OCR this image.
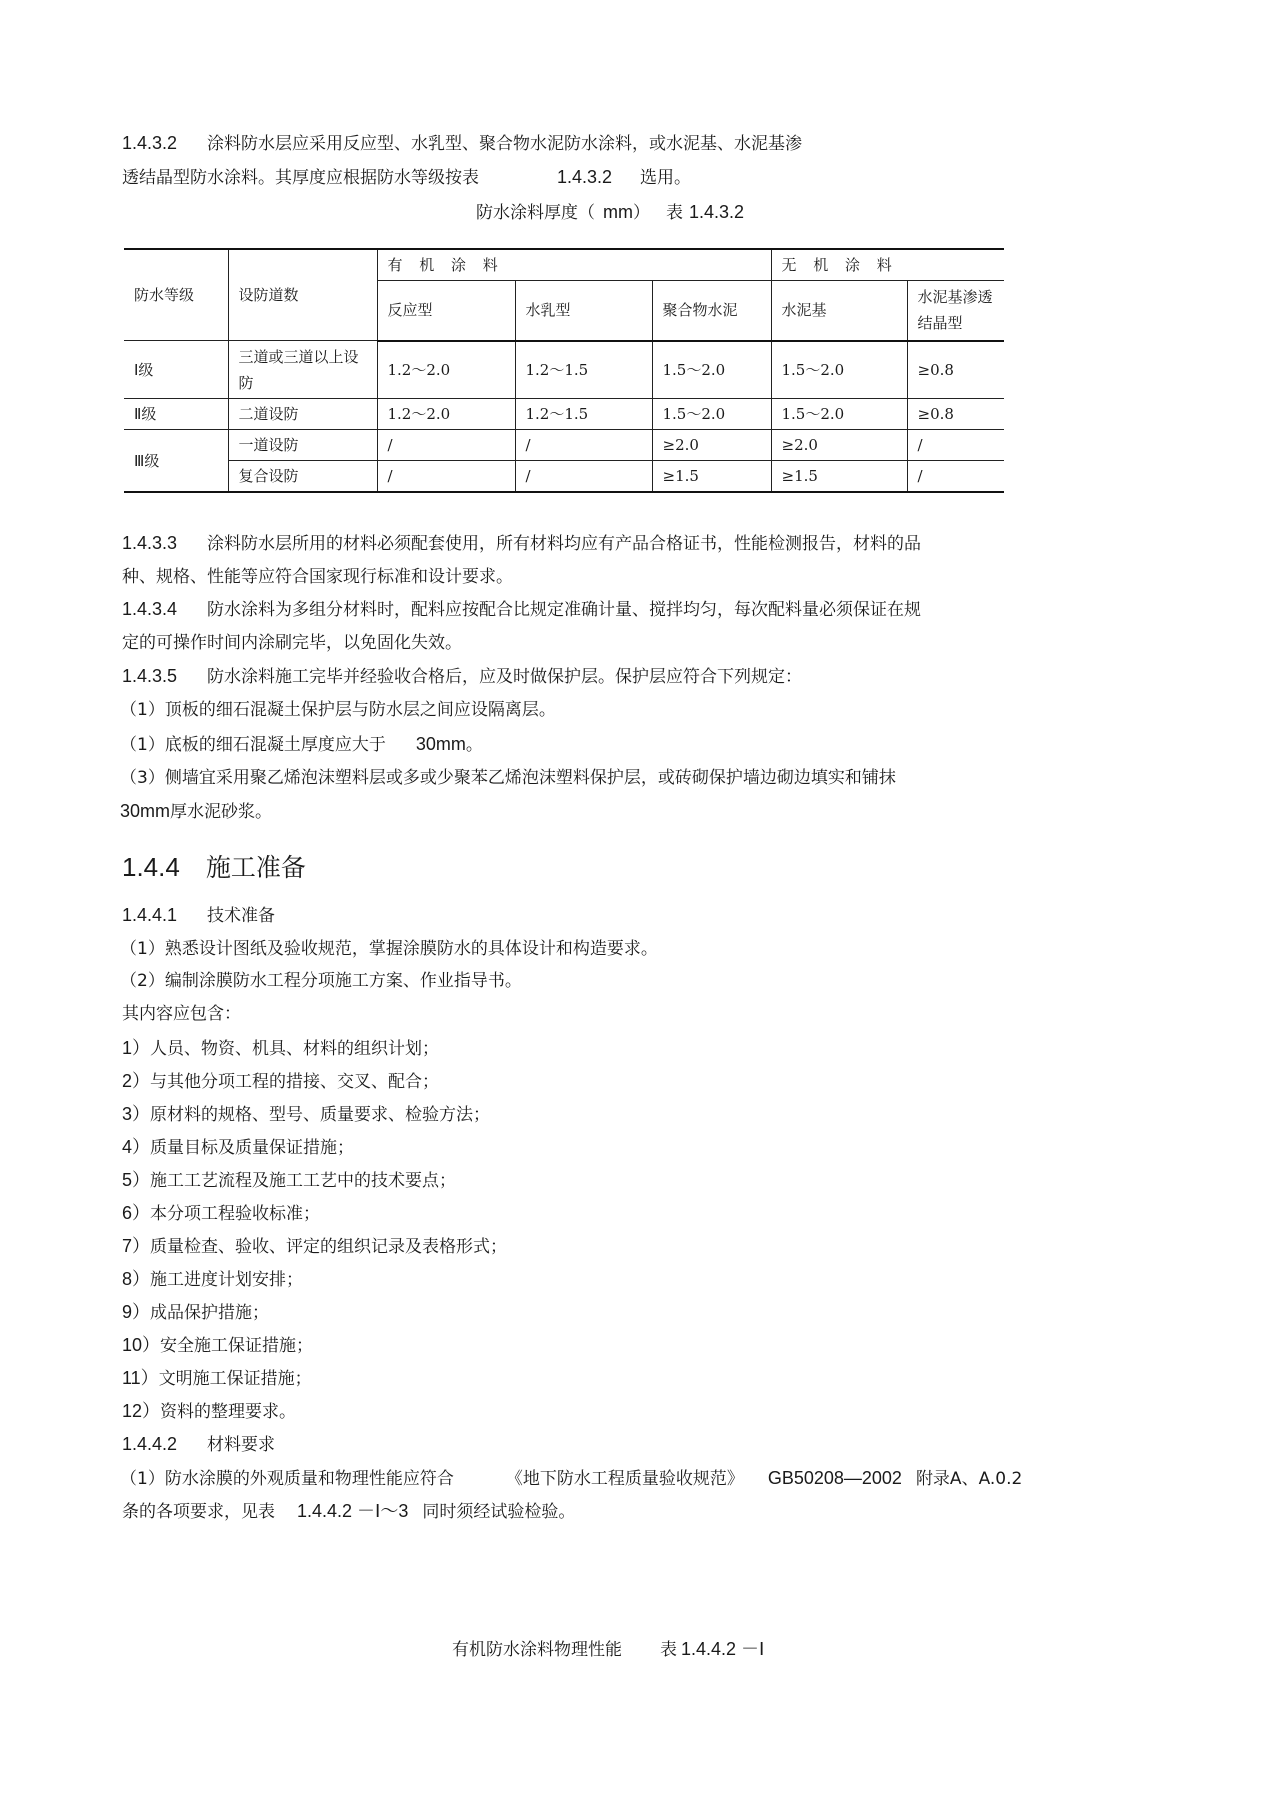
1.4.3.2 涂料防水层应采用反应型、水乳型、聚合物水泥防水涂料，或水泥基、水泥基渗
透结晶型防水涂料。其厚度应根据防水等级按表	1.4.3.2 选用。
防水涂料厚度（ mm） 表 1.4.3.2
防水等级	设防道数	有 机 涂 料			无 机 涂 料	
		反应型	水乳型	聚合物水泥	水泥基	水泥基渗透结晶型
Ⅰ级	三道或三道以上设防	1.2～2.0	1.2～1.5	1.5～2.0	1.5～2.0	≥0.8
Ⅱ级	二道设防	1.2～2.0	1.2～1.5	1.5～2.0	1.5～2.0	≥0.8
Ⅲ级	一道设防	/	/	≥2.0	≥2.0	/
	复合设防	/	/	≥1.5	≥1.5	/
1.4.3.3 涂料防水层所用的材料必须配套使用，所有材料均应有产品合格证书，性能检测报告，材料的品
种、规格、性能等应符合国家现行标准和设计要求。
1.4.3.4 防水涂料为多组分材料时，配料应按配合比规定准确计量、搅拌均匀，每次配料量必须保证在规
定的可操作时间内涂刷完毕，以免固化失效。
1.4.3.5 防水涂料施工完毕并经验收合格后，应及时做保护层。保护层应符合下列规定：
（1）顶板的细石混凝土保护层与防水层之间应设隔离层。
（1）底板的细石混凝土厚度应大于 30mm。
（3）侧墙宜采用聚乙烯泡沫塑料层或多或少聚苯乙烯泡沫塑料保护层，或砖砌保护墙边砌边填实和铺抹
30mm厚水泥砂浆。
1.4.4 施工准备
1.4.4.1 技术准备
（1）熟悉设计图纸及验收规范，掌握涂膜防水的具体设计和构造要求。
（2）编制涂膜防水工程分项施工方案、作业指导书。
其内容应包含：
1）人员、物资、机具、材料的组织计划；
2）与其他分项工程的措接、交叉、配合；
3）原材料的规格、型号、质量要求、检验方法；
4）质量目标及质量保证措施；
5）施工工艺流程及施工工艺中的技术要点；
6）本分项工程验收标准；
7）质量检查、验收、评定的组织记录及表格形式；
8）施工进度计划安排；
9）成品保护措施；
10）安全施工保证措施；
11）文明施工保证措施；
12）资料的整理要求。
1.4.4.2 材料要求
（1）防水涂膜的外观质量和物理性能应符合	《地下防水工程质量验收规范》 GB50208—2002 附录A、A.0.2
条的各项要求，见表 1.4.4.2 －Ⅰ～3 同时须经试验检验。
有机防水涂料物理性能 表 1.4.4.2 －Ⅰ
